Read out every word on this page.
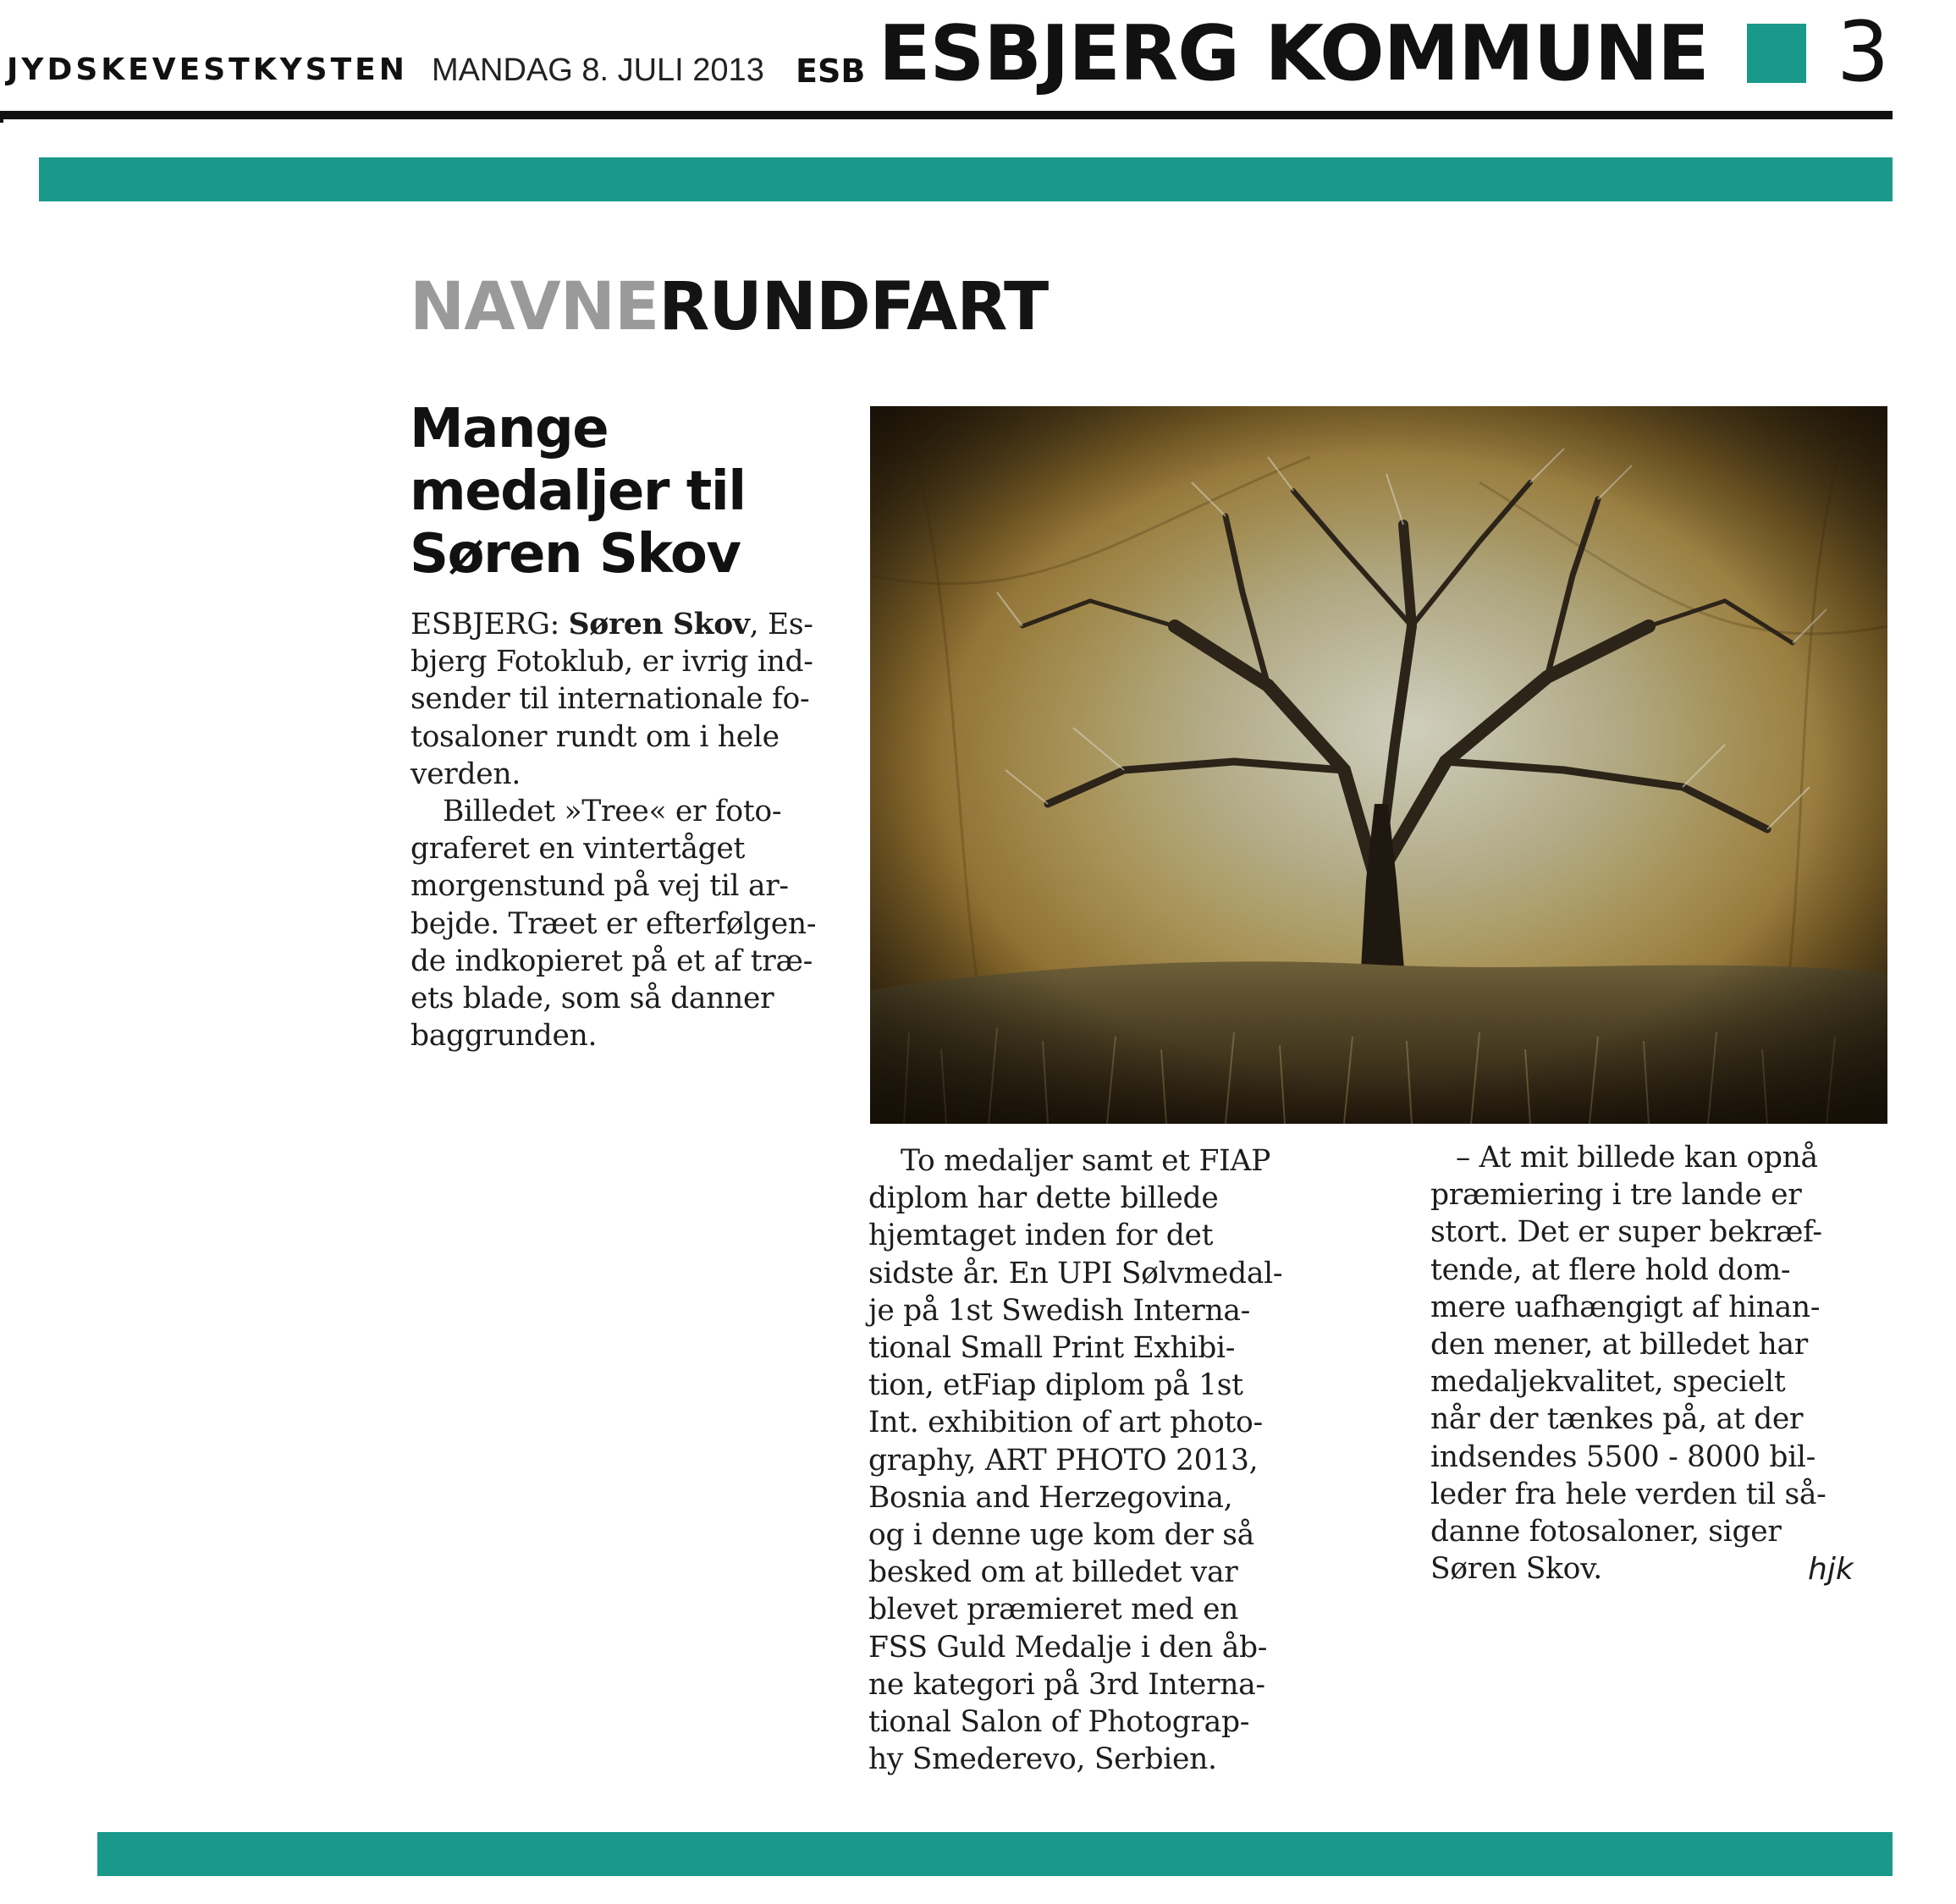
JYDSKEVESTKYSTEN MANDAG 8. JULI 2013 ESB ESBJERG KOMMUNE 3
NAVNERUNDFART
Mange
medaljer til
Søren Skov
ESBJERG: Søren Skov, Es-
bjerg Fotoklub, er ivrig ind-
sender til internationale fo-
tosaloner rundt om i hele
verden.
Billedet »Tree« er foto-
graferet en vintertåget
morgenstund på vej til ar-
bejde. Træet er efterfølgen-
de indkopieret på et af træ-
ets blade, som så danner
baggrunden.
To medaljer samt et FIAP
diplom har dette billede
hjemtaget inden for det
sidste år. En UPI Sølvmedal-
je på 1st Swedish Interna-
tional Small Print Exhibi-
tion, etFiap diplom på 1st
Int. exhibition of art photo-
graphy, ART PHOTO 2013,
Bosnia and Herzegovina,
og i denne uge kom der så
besked om at billedet var
blevet præmieret med en
FSS Guld Medalje i den åb-
ne kategori på 3rd Interna-
tional Salon of Photograp-
hy Smederevo, Serbien.
– At mit billede kan opnå
præmiering i tre lande er
stort. Det er super bekræf-
tende, at flere hold dom-
mere uafhængigt af hinan-
den mener, at billedet har
medaljekvalitet, specielt
når der tænkes på, at der
indsendes 5500 - 8000 bil-
leder fra hele verden til så-
danne fotosaloner, siger
Søren Skov.	hjk
